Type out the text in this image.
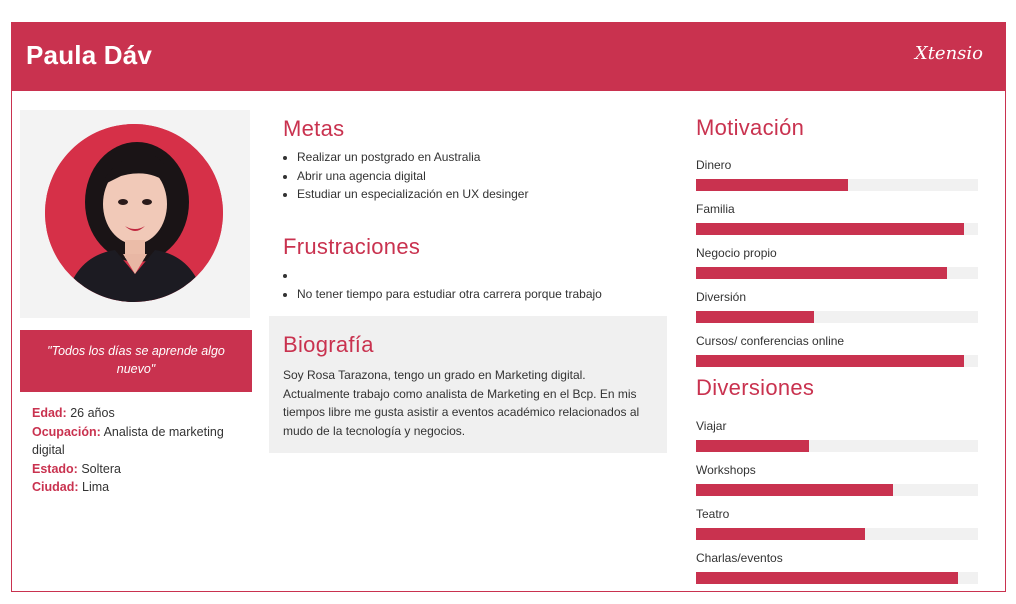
Paula Dáv	Xtensio
"Todos los días se aprende algo nuevo"
Edad: 26 años
Ocupación: Analista de marketing digital
Estado: Soltera
Ciudad: Lima
Metas
• Realizar un postgrado en Australia
• Abrir una agencia digital
• Estudiar un especialización en UX desinger
Frustraciones
•
• No tener tiempo para estudiar otra carrera porque trabajo
Biografía

Soy Rosa Tarazona, tengo un grado en Marketing digital. Actualmente trabajo como analista de Marketing en el Bcp. En mis tiempos libre me gusta asistir a eventos académico relacionados al mudo de la tecnología y negocios.

Motivación
Dinero
Familia
Negocio propio
Diversión
Cursos/ conferencias online
Diversiones
Viajar
Workshops
Teatro
Charlas/eventos
